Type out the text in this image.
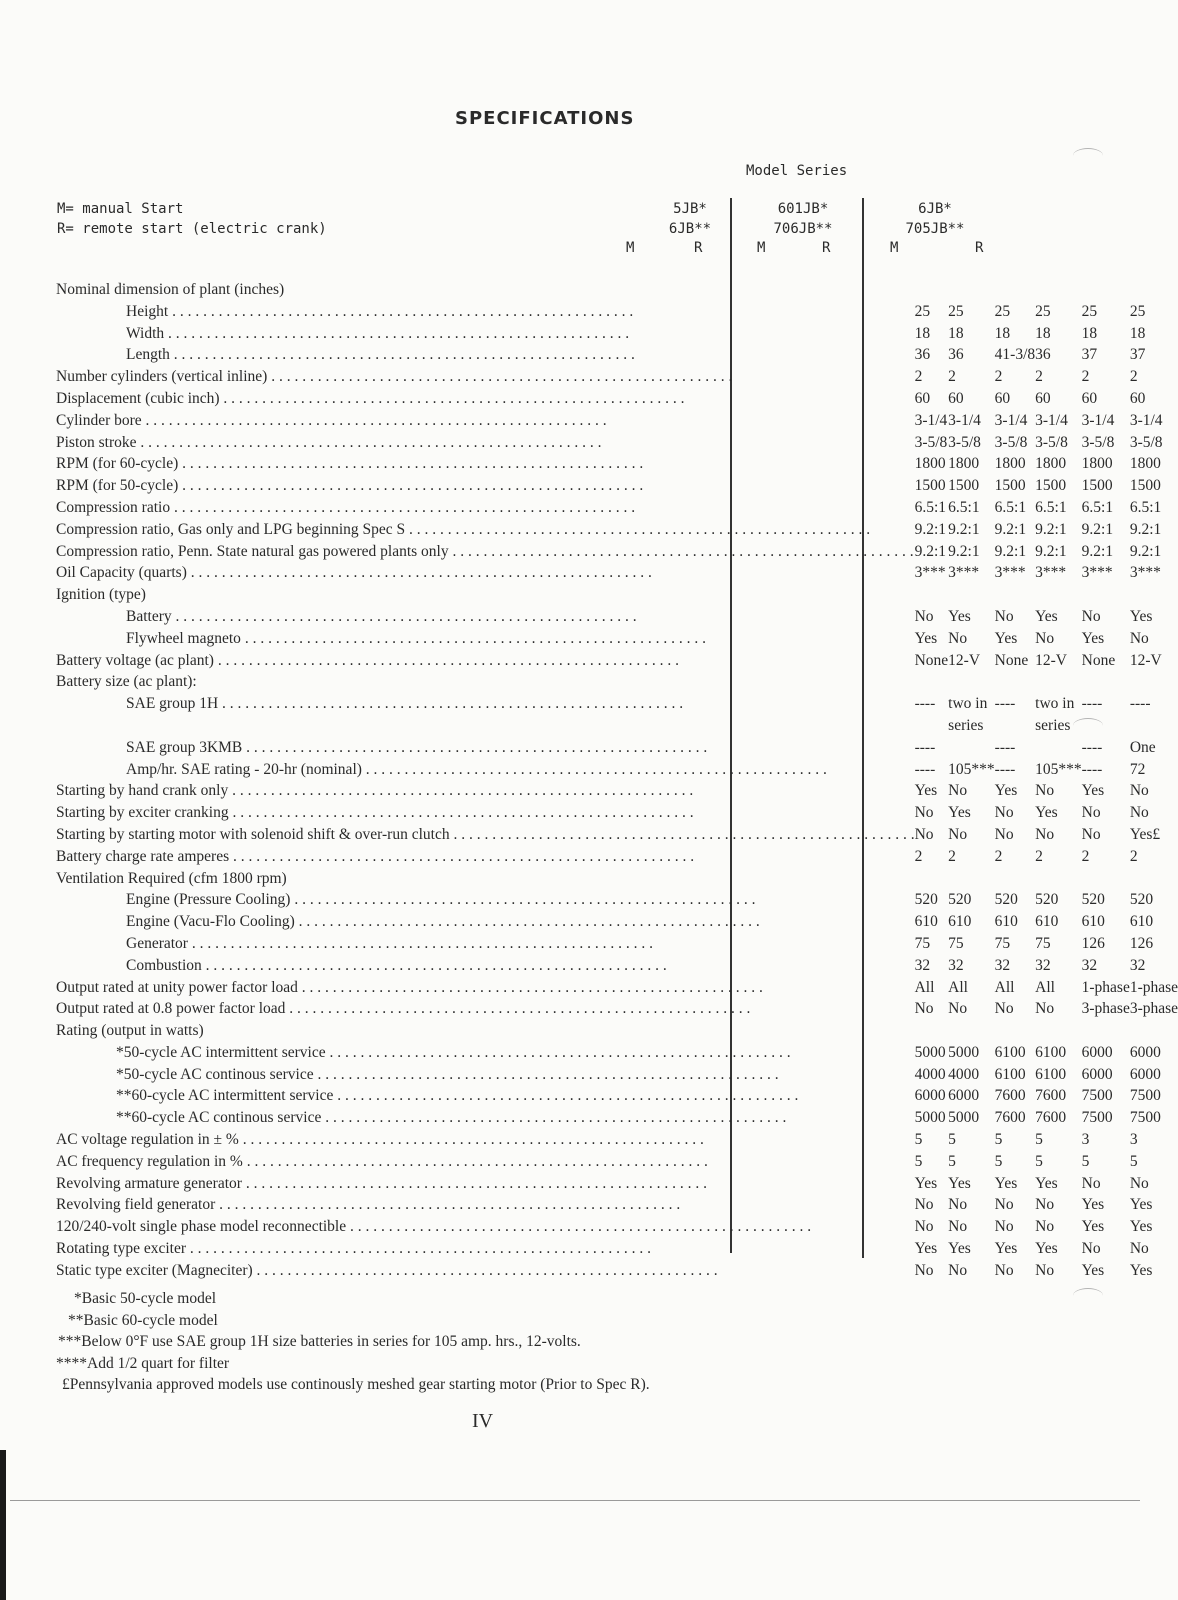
SPECIFICATIONS
Model Series
M= manual Start
R= remote start (electric crank)
5JB*
6JB**
601JB*
706JB**
6JB*
705JB**
M	R	M	R	M	R
Nominal dimension of plant (inches)						
Height . . . . . . . . . . . . . . . . . . . . . . . . . . . . . . . . . . . . . . . . . . . . . . . . . . . . . . . . . . . .	25	25	25	25	25	25
Width . . . . . . . . . . . . . . . . . . . . . . . . . . . . . . . . . . . . . . . . . . . . . . . . . . . . . . . . . . . .	18	18	18	18	18	18
Length . . . . . . . . . . . . . . . . . . . . . . . . . . . . . . . . . . . . . . . . . . . . . . . . . . . . . . . . . . . .	36	36	41-3/8	36	37	37
Number cylinders (vertical inline) . . . . . . . . . . . . . . . . . . . . . . . . . . . . . . . . . . . . . . . . . . . . . . . . . . . . . . . . . . . .	2	2	2	2	2	2
Displacement (cubic inch) . . . . . . . . . . . . . . . . . . . . . . . . . . . . . . . . . . . . . . . . . . . . . . . . . . . . . . . . . . . .	60	60	60	60	60	60
Cylinder bore . . . . . . . . . . . . . . . . . . . . . . . . . . . . . . . . . . . . . . . . . . . . . . . . . . . . . . . . . . . .	3-1/4	3-1/4	3-1/4	3-1/4	3-1/4	3-1/4
Piston stroke . . . . . . . . . . . . . . . . . . . . . . . . . . . . . . . . . . . . . . . . . . . . . . . . . . . . . . . . . . . .	3-5/8	3-5/8	3-5/8	3-5/8	3-5/8	3-5/8
RPM (for 60-cycle) . . . . . . . . . . . . . . . . . . . . . . . . . . . . . . . . . . . . . . . . . . . . . . . . . . . . . . . . . . . .	1800	1800	1800	1800	1800	1800
RPM (for 50-cycle) . . . . . . . . . . . . . . . . . . . . . . . . . . . . . . . . . . . . . . . . . . . . . . . . . . . . . . . . . . . .	1500	1500	1500	1500	1500	1500
Compression ratio . . . . . . . . . . . . . . . . . . . . . . . . . . . . . . . . . . . . . . . . . . . . . . . . . . . . . . . . . . . .	6.5:1	6.5:1	6.5:1	6.5:1	6.5:1	6.5:1
Compression ratio, Gas only and LPG beginning Spec S . . . . . . . . . . . . . . . . . . . . . . . . . . . . . . . . . . . . . . . . . . . . . . . . . . . . . . . . . . . .	9.2:1	9.2:1	9.2:1	9.2:1	9.2:1	9.2:1
Compression ratio, Penn. State natural gas powered plants only . . . . . . . . . . . . . . . . . . . . . . . . . . . . . . . . . . . . . . . . . . . . . . . . . . . . . . . . . . . .	9.2:1	9.2:1	9.2:1	9.2:1	9.2:1	9.2:1
Oil Capacity (quarts) . . . . . . . . . . . . . . . . . . . . . . . . . . . . . . . . . . . . . . . . . . . . . . . . . . . . . . . . . . . .	3***	3***	3***	3***	3***	3***
Ignition (type)						
Battery . . . . . . . . . . . . . . . . . . . . . . . . . . . . . . . . . . . . . . . . . . . . . . . . . . . . . . . . . . . .	No	Yes	No	Yes	No	Yes
Flywheel magneto . . . . . . . . . . . . . . . . . . . . . . . . . . . . . . . . . . . . . . . . . . . . . . . . . . . . . . . . . . . .	Yes	No	Yes	No	Yes	No
Battery voltage (ac plant) . . . . . . . . . . . . . . . . . . . . . . . . . . . . . . . . . . . . . . . . . . . . . . . . . . . . . . . . . . . .	None	12-V	None	12-V	None	12-V
Battery size (ac plant):						
SAE group 1H . . . . . . . . . . . . . . . . . . . . . . . . . . . . . . . . . . . . . . . . . . . . . . . . . . . . . . . . . . . .	----	two in	----	two in	----	----
		series		series		
SAE group 3KMB . . . . . . . . . . . . . . . . . . . . . . . . . . . . . . . . . . . . . . . . . . . . . . . . . . . . . . . . . . . .	----		----		----	One
Amp/hr. SAE rating - 20-hr (nominal) . . . . . . . . . . . . . . . . . . . . . . . . . . . . . . . . . . . . . . . . . . . . . . . . . . . . . . . . . . . .	----	105***	----	105***	----	72
Starting by hand crank only . . . . . . . . . . . . . . . . . . . . . . . . . . . . . . . . . . . . . . . . . . . . . . . . . . . . . . . . . . . .	Yes	No	Yes	No	Yes	No
Starting by exciter cranking . . . . . . . . . . . . . . . . . . . . . . . . . . . . . . . . . . . . . . . . . . . . . . . . . . . . . . . . . . . .	No	Yes	No	Yes	No	No
Starting by starting motor with solenoid shift & over-run clutch . . . . . . . . . . . . . . . . . . . . . . . . . . . . . . . . . . . . . . . . . . . . . . . . . . . . . . . . . . . .	No	No	No	No	No	Yes£
Battery charge rate amperes . . . . . . . . . . . . . . . . . . . . . . . . . . . . . . . . . . . . . . . . . . . . . . . . . . . . . . . . . . . .	2	2	2	2	2	2
Ventilation Required (cfm 1800 rpm)						
Engine (Pressure Cooling) . . . . . . . . . . . . . . . . . . . . . . . . . . . . . . . . . . . . . . . . . . . . . . . . . . . . . . . . . . . .	520	520	520	520	520	520
Engine (Vacu-Flo Cooling) . . . . . . . . . . . . . . . . . . . . . . . . . . . . . . . . . . . . . . . . . . . . . . . . . . . . . . . . . . . .	610	610	610	610	610	610
Generator . . . . . . . . . . . . . . . . . . . . . . . . . . . . . . . . . . . . . . . . . . . . . . . . . . . . . . . . . . . .	75	75	75	75	126	126
Combustion . . . . . . . . . . . . . . . . . . . . . . . . . . . . . . . . . . . . . . . . . . . . . . . . . . . . . . . . . . . .	32	32	32	32	32	32
Output rated at unity power factor load . . . . . . . . . . . . . . . . . . . . . . . . . . . . . . . . . . . . . . . . . . . . . . . . . . . . . . . . . . . .	All	All	All	All	1-phase	1-phase
Output rated at 0.8 power factor load . . . . . . . . . . . . . . . . . . . . . . . . . . . . . . . . . . . . . . . . . . . . . . . . . . . . . . . . . . . .	No	No	No	No	3-phase	3-phase
Rating (output in watts)						
*50-cycle AC intermittent service . . . . . . . . . . . . . . . . . . . . . . . . . . . . . . . . . . . . . . . . . . . . . . . . . . . . . . . . . . . .	5000	5000	6100	6100	6000	6000
*50-cycle AC continous service . . . . . . . . . . . . . . . . . . . . . . . . . . . . . . . . . . . . . . . . . . . . . . . . . . . . . . . . . . . .	4000	4000	6100	6100	6000	6000
**60-cycle AC intermittent service . . . . . . . . . . . . . . . . . . . . . . . . . . . . . . . . . . . . . . . . . . . . . . . . . . . . . . . . . . . .	6000	6000	7600	7600	7500	7500
**60-cycle AC continous service . . . . . . . . . . . . . . . . . . . . . . . . . . . . . . . . . . . . . . . . . . . . . . . . . . . . . . . . . . . .	5000	5000	7600	7600	7500	7500
AC voltage regulation in ± % . . . . . . . . . . . . . . . . . . . . . . . . . . . . . . . . . . . . . . . . . . . . . . . . . . . . . . . . . . . .	5	5	5	5	3	3
AC frequency regulation in % . . . . . . . . . . . . . . . . . . . . . . . . . . . . . . . . . . . . . . . . . . . . . . . . . . . . . . . . . . . .	5	5	5	5	5	5
Revolving armature generator . . . . . . . . . . . . . . . . . . . . . . . . . . . . . . . . . . . . . . . . . . . . . . . . . . . . . . . . . . . .	Yes	Yes	Yes	Yes	No	No
Revolving field generator . . . . . . . . . . . . . . . . . . . . . . . . . . . . . . . . . . . . . . . . . . . . . . . . . . . . . . . . . . . .	No	No	No	No	Yes	Yes
120/240-volt single phase model reconnectible . . . . . . . . . . . . . . . . . . . . . . . . . . . . . . . . . . . . . . . . . . . . . . . . . . . . . . . . . . . .	No	No	No	No	Yes	Yes
Rotating type exciter . . . . . . . . . . . . . . . . . . . . . . . . . . . . . . . . . . . . . . . . . . . . . . . . . . . . . . . . . . . .	Yes	Yes	Yes	Yes	No	No
Static type exciter (Magneciter) . . . . . . . . . . . . . . . . . . . . . . . . . . . . . . . . . . . . . . . . . . . . . . . . . . . . . . . . . . . .	No	No	No	No	Yes	Yes
*Basic 50-cycle model
**Basic 60-cycle model
***Below 0°F use SAE group 1H size batteries in series for 105 amp. hrs., 12-volts.
****Add 1/2 quart for filter
£Pennsylvania approved models use continously meshed gear starting motor (Prior to Spec R).
IV
